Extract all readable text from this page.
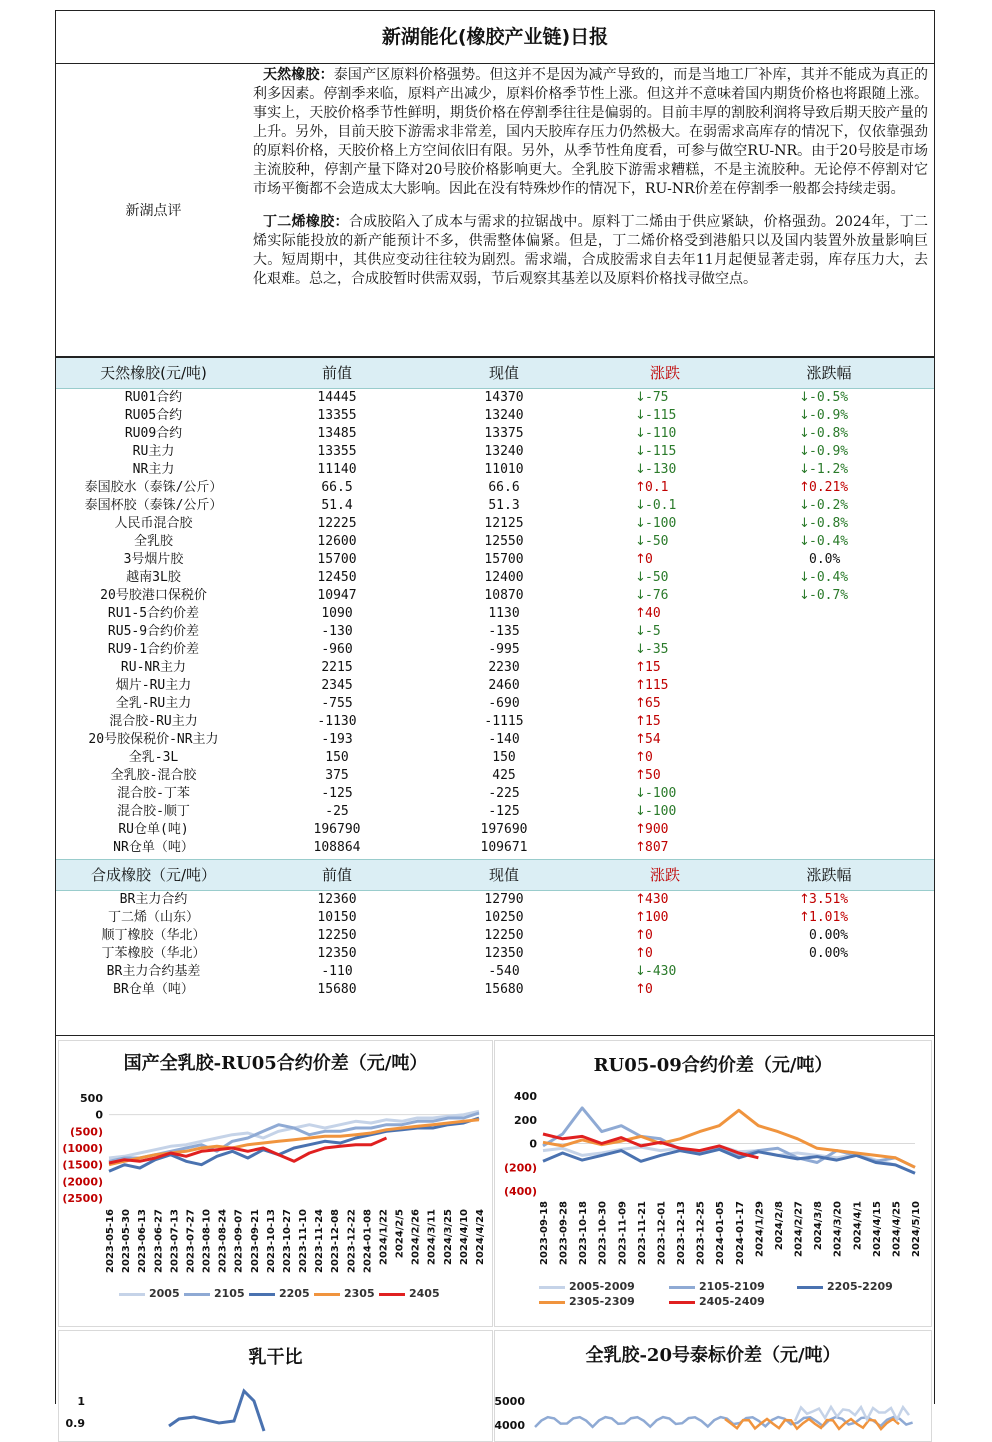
新湖能化(橡胶产业链)日报
新湖点评

天然橡胶：泰国产区原料价格强势。但这并不是因为减产导致的，而是当地工厂补库，其并不能成为真正的利多因素。停割季来临，原料产出减少，原料价格季节性上涨。但这并不意味着国内期货价格也将跟随上涨。事实上，天胶价格季节性鲜明，期货价格在停割季往往是偏弱的。目前丰厚的割胶利润将导致后期天胶产量的上升。另外，目前天胶下游需求非常差，国内天胶库存压力仍然极大。在弱需求高库存的情况下，仅依靠强劲的原料价格，天胶价格上方空间依旧有限。另外，从季节性角度看，可参与做空RU-NR。由于20号胶是市场主流胶种，停割产量下降对20号胶价格影响更大。全乳胶下游需求糟糕，不是主流胶种。无论停不停割对它市场平衡都不会造成太大影响。因此在没有特殊炒作的情况下，RU-NR价差在停割季一般都会持续走弱。

丁二烯橡胶：合成胶陷入了成本与需求的拉锯战中。原料丁二烯由于供应紧缺，价格强劲。2024年，丁二烯实际能投放的新产能预计不多，供需整体偏紧。但是，丁二烯价格受到港船只以及国内装置外放量影响巨大。短周期中，其供应变动往往较为剧烈。需求端，合成胶需求自去年11月起便显著走弱，库存压力大，去化艰难。总之，合成胶暂时供需双弱，节后观察其基差以及原料价格找寻做空点。

天然橡胶(元/吨)	前值	现值	涨跌	涨跌幅
RU01合约	14445	14370	↓-75	↓-0.5%
RU05合约	13355	13240	↓-115	↓-0.9%
RU09合约	13485	13375	↓-110	↓-0.8%
RU主力	13355	13240	↓-115	↓-0.9%
NR主力	11140	11010	↓-130	↓-1.2%
泰国胶水（泰铢/公斤）	66.5	66.6	↑0.1	↑0.21%
泰国杯胶（泰铢/公斤）	51.4	51.3	↓-0.1	↓-0.2%
人民币混合胶	12225	12125	↓-100	↓-0.8%
全乳胶	12600	12550	↓-50	↓-0.4%
3号烟片胶	15700	15700	↑0	0.0%
越南3L胶	12450	12400	↓-50	↓-0.4%
20号胶港口保税价	10947	10870	↓-76	↓-0.7%
RU1-5合约价差	1090	1130	↑40
RU5-9合约价差	-130	-135	↓-5
RU9-1合约价差	-960	-995	↓-35
RU-NR主力	2215	2230	↑15
烟片-RU主力	2345	2460	↑115
全乳-RU主力	-755	-690	↑65
混合胶-RU主力	-1130	-1115	↑15
20号胶保税价-NR主力	-193	-140	↑54
全乳-3L	150	150	↑0
全乳胶-混合胶	375	425	↑50
混合胶-丁苯	-125	-225	↓-100
混合胶-顺丁	-25	-125	↓-100
RU仓单(吨)	196790	197690	↑900
NR仓单（吨）	108864	109671	↑807
合成橡胶（元/吨）	前值	现值	涨跌	涨跌幅
BR主力合约	12360	12790	↑430	↑3.51%
丁二烯（山东）	10150	10250	↑100	↑1.01%
顺丁橡胶（华北）	12250	12250	↑0	0.00%
丁苯橡胶（华北）	12350	12350	↑0	0.00%
BR主力合约基差	-110	-540	↓-430
BR仓单（吨）	15680	15680	↑0
国产全乳胶-RU05合约价差（元/吨）
500
0
(500)
(1000)
(1500)
(2000)
(2500)
2023-05-16 2023-05-30 2023-06-13 2023-06-27 2023-07-13 2023-07-27 2023-08-10 2023-08-24 2023-09-07 2023-09-21 2023-10-13 2023-10-27 2023-11-10 2023-11-24 2023-12-08 2023-12-22 2024-01-08 2024/1/22 2024/2/5 2024/2/26 2024/3/11 2024/3/25 2024/4/10 2024/4/24
2005	2105	2205	2305	2405
RU05-09合约价差（元/吨）
400
200
0
(200)
(400)
2023-09-18 2023-09-28 2023-10-18 2023-10-30 2023-11-09 2023-11-21 2023-12-01 2023-12-13 2023-12-25 2024-01-05 2024-01-17 2024/1/29 2024/2/8 2024/2/27 2024/3/8 2024/3/20 2024/4/1 2024/4/15 2024/4/25 2024/5/10
2005-2009	2105-2109	2205-2209
2305-2309	2405-2409
乳干比
1
0.9
全乳胶-20号泰标价差（元/吨）
5000
4000
